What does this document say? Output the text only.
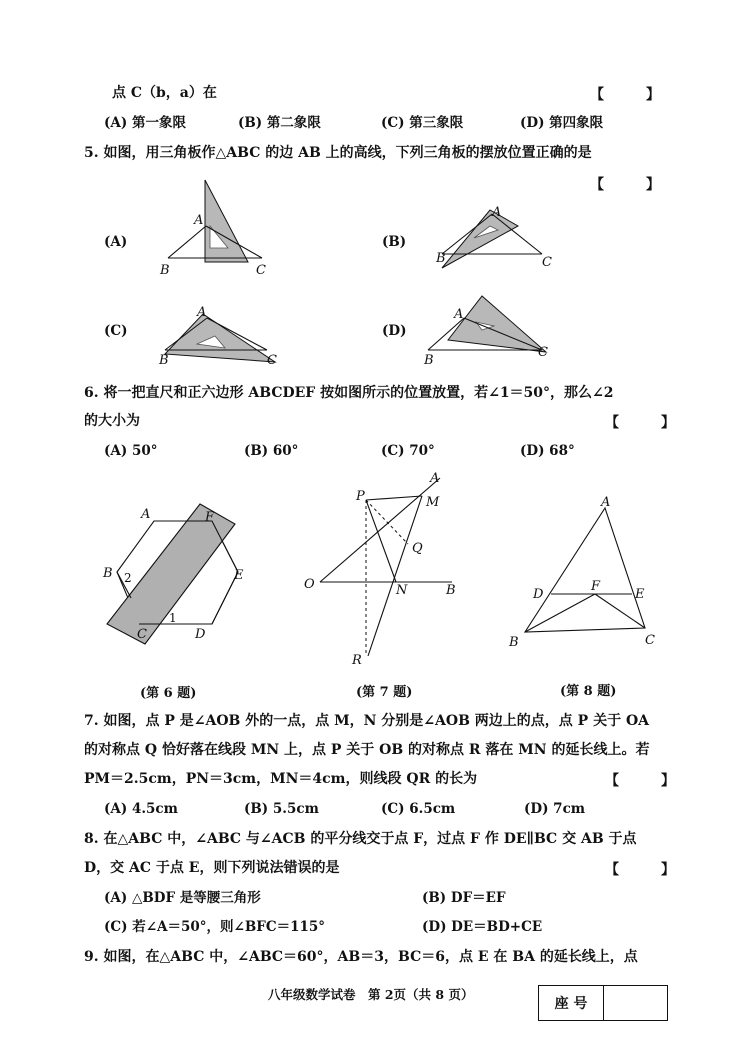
点 C（b，a）在	【　　　】
(A) 第一象限	(B) 第二象限	(C) 第三象限	(D) 第四象限
5. 如图，用三角板作△ABC 的边 AB 上的高线，下列三角板的摆放位置正确的是
【　　　】
(A)
A
B	C
(B)
A
B	C
(C)
A
B	C
(D)
A
B
C
6. 将一把直尺和正六边形 ABCDEF 按如图所示的位置放置，若∠1＝50°，那么∠2
的大小为	【　　　】
(A) 50°	(B) 60°	(C) 70°	(D) 68°
A	F
B	E
C	D
2
1
P
A
M
Q
O	N	B
R
A
D
F
E
B	C
(第 6 题)	(第 7 题)	(第 8 题)
7. 如图，点 P 是∠AOB 外的一点，点 M，N 分别是∠AOB 两边上的点，点 P 关于 OA
的对称点 Q 恰好落在线段 MN 上，点 P 关于 OB 的对称点 R 落在 MN 的延长线上。若
PM＝2.5cm，PN＝3cm，MN＝4cm，则线段 QR 的长为	【　　　】
(A) 4.5cm	(B) 5.5cm	(C) 6.5cm	(D) 7cm
8. 在△ABC 中，∠ABC 与∠ACB 的平分线交于点 F，过点 F 作 DE∥BC 交 AB 于点
D，交 AC 于点 E，则下列说法错误的是	【　　　】
(A) △BDF 是等腰三角形	(B) DF＝EF
(C) 若∠A＝50°，则∠BFC＝115°	(D) DE＝BD+CE
9. 如图，在△ABC 中，∠ABC＝60°，AB＝3，BC＝6，点 E 在 BA 的延长线上，点
八年级数学试卷　第 2页（共 8 页）
座 号
